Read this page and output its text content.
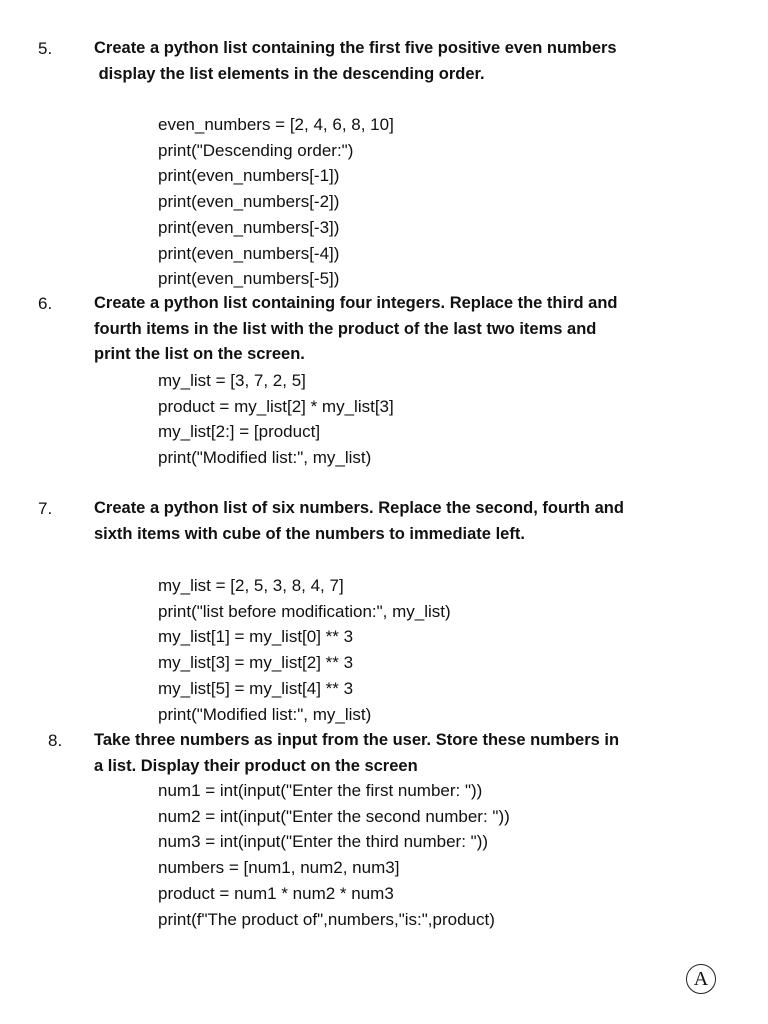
5.	Create a python list containing the first five positive even numbers
display the list elements in the descending order.
even_numbers = [2, 4, 6, 8, 10]
print("Descending order:")
print(even_numbers[-1])
print(even_numbers[-2])
print(even_numbers[-3])
print(even_numbers[-4])
print(even_numbers[-5])
6.	Create a python list containing four integers. Replace the third and
fourth items in the list with the product of the last two items and
print the list on the screen.
my_list = [3, 7, 2, 5]
product = my_list[2] * my_list[3]
my_list[2:] = [product]
print("Modified list:", my_list)
7.	Create a python list of six numbers. Replace the second, fourth and
sixth items with cube of the numbers to immediate left.
my_list = [2, 5, 3, 8, 4, 7]
print("list before modification:", my_list)
my_list[1] = my_list[0] ** 3
my_list[3] = my_list[2] ** 3
my_list[5] = my_list[4] ** 3
print("Modified list:", my_list)
8. Take three numbers as input from the user. Store these numbers in
a list. Display their product on the screen
num1 = int(input("Enter the first number: "))
num2 = int(input("Enter the second number: "))
num3 = int(input("Enter the third number: "))
numbers = [num1, num2, num3]
product = num1 * num2 * num3
print(f"The product of",numbers,"is:",product)
A
